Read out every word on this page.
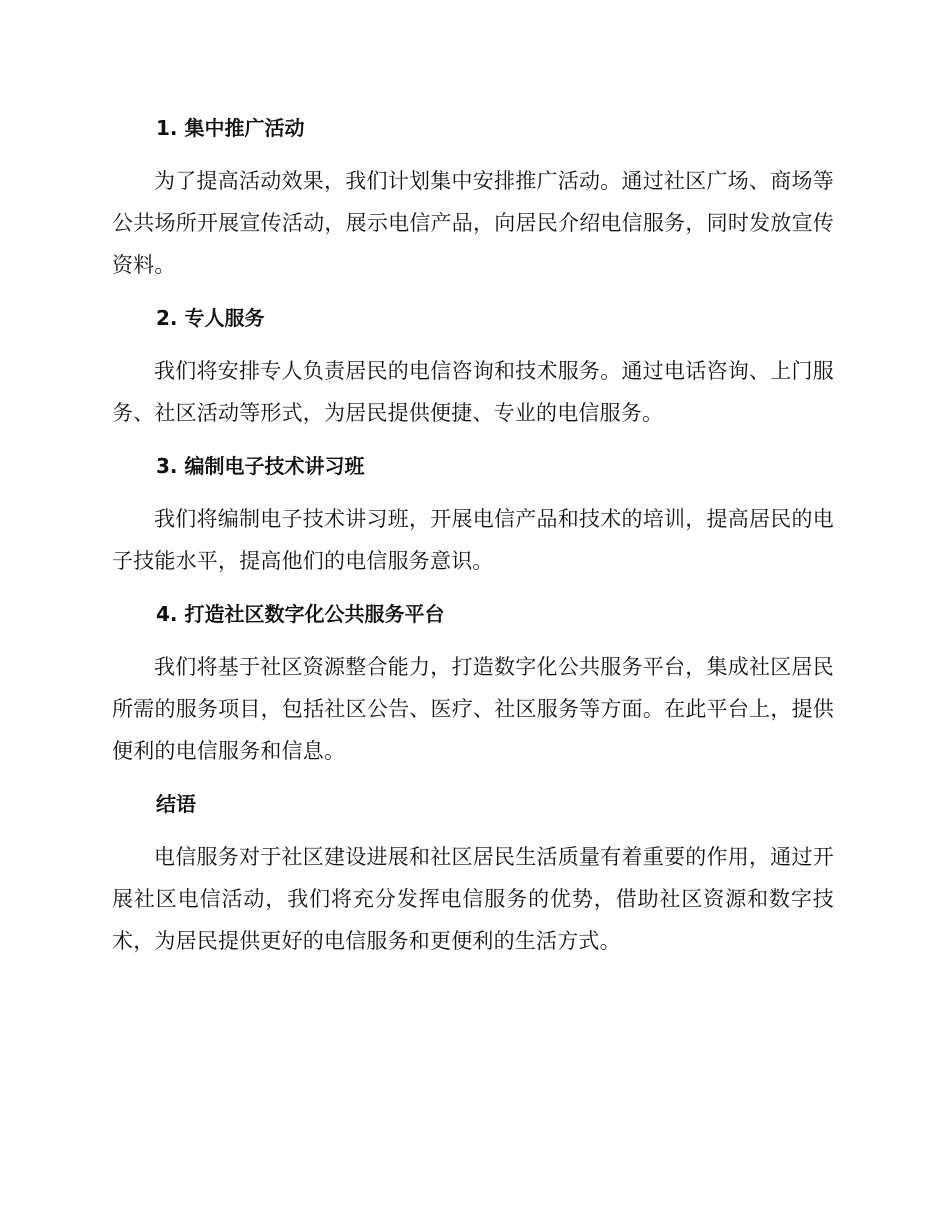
1. 集中推广活动

为了提高活动效果，我们计划集中安排推广活动。通过社区广场、商场等公共场所开展宣传活动，展示电信产品，向居民介绍电信服务，同时发放宣传资料。

2. 专人服务

我们将安排专人负责居民的电信咨询和技术服务。通过电话咨询、上门服务、社区活动等形式，为居民提供便捷、专业的电信服务。

3. 编制电子技术讲习班

我们将编制电子技术讲习班，开展电信产品和技术的培训，提高居民的电子技能水平，提高他们的电信服务意识。

4. 打造社区数字化公共服务平台

我们将基于社区资源整合能力，打造数字化公共服务平台，集成社区居民所需的服务项目，包括社区公告、医疗、社区服务等方面。在此平台上，提供便利的电信服务和信息。

结语

电信服务对于社区建设进展和社区居民生活质量有着重要的作用，通过开展社区电信活动，我们将充分发挥电信服务的优势，借助社区资源和数字技术，为居民提供更好的电信服务和更便利的生活方式。
